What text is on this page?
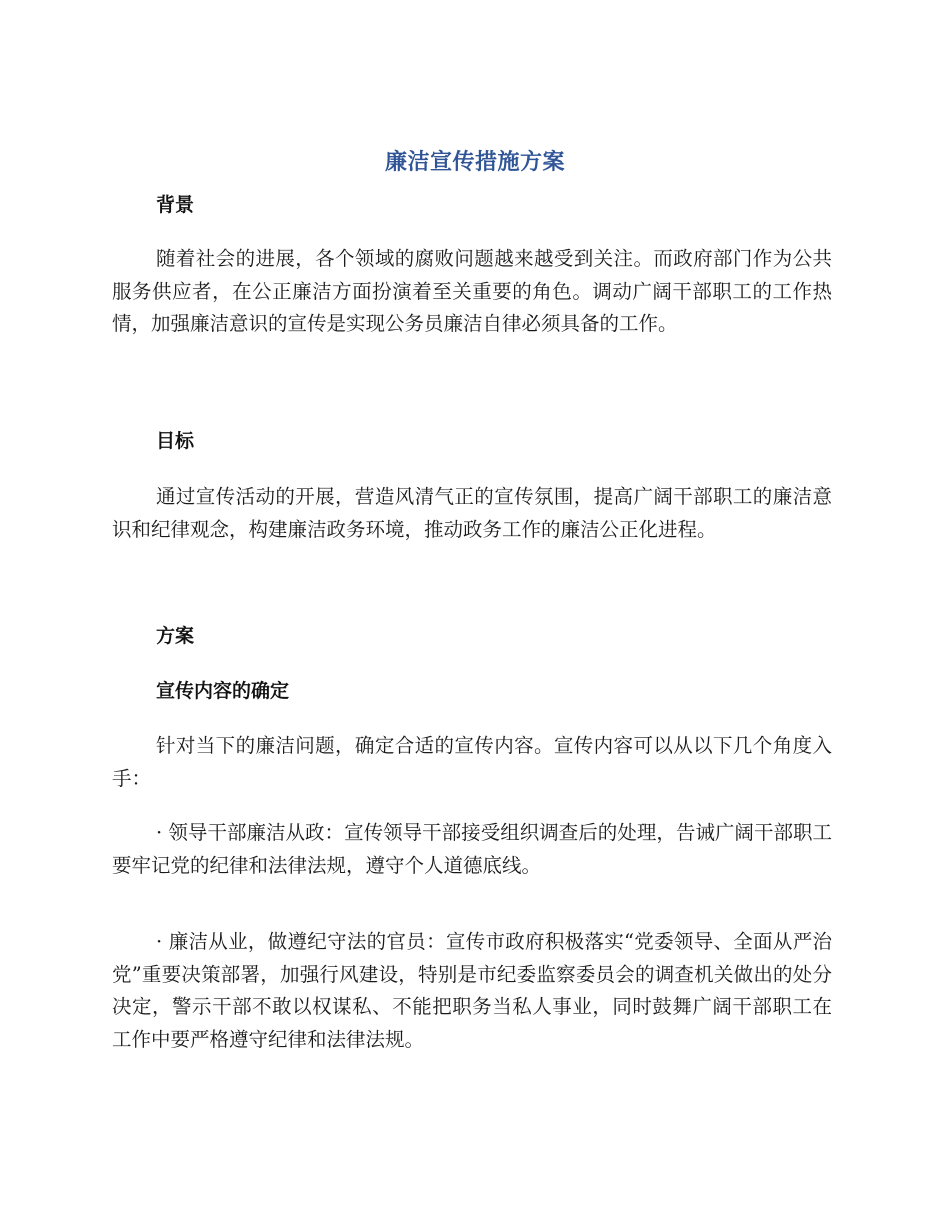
廉洁宣传措施方案
背景

随着社会的进展，各个领域的腐败问题越来越受到关注。而政府部门作为公共服务供应者，在公正廉洁方面扮演着至关重要的角色。调动广阔干部职工的工作热情，加强廉洁意识的宣传是实现公务员廉洁自律必须具备的工作。

目标

通过宣传活动的开展，营造风清气正的宣传氛围，提高广阔干部职工的廉洁意识和纪律观念，构建廉洁政务环境，推动政务工作的廉洁公正化进程。

方案
宣传内容的确定

针对当下的廉洁问题，确定合适的宣传内容。宣传内容可以从以下几个角度入手：

· 领导干部廉洁从政：宣传领导干部接受组织调查后的处理，告诫广阔干部职工要牢记党的纪律和法律法规，遵守个人道德底线。

· 廉洁从业，做遵纪守法的官员：宣传市政府积极落实“党委领导、全面从严治党”重要决策部署，加强行风建设，特别是市纪委监察委员会的调查机关做出的处分决定，警示干部不敢以权谋私、不能把职务当私人事业，同时鼓舞广阔干部职工在工作中要严格遵守纪律和法律法规。
